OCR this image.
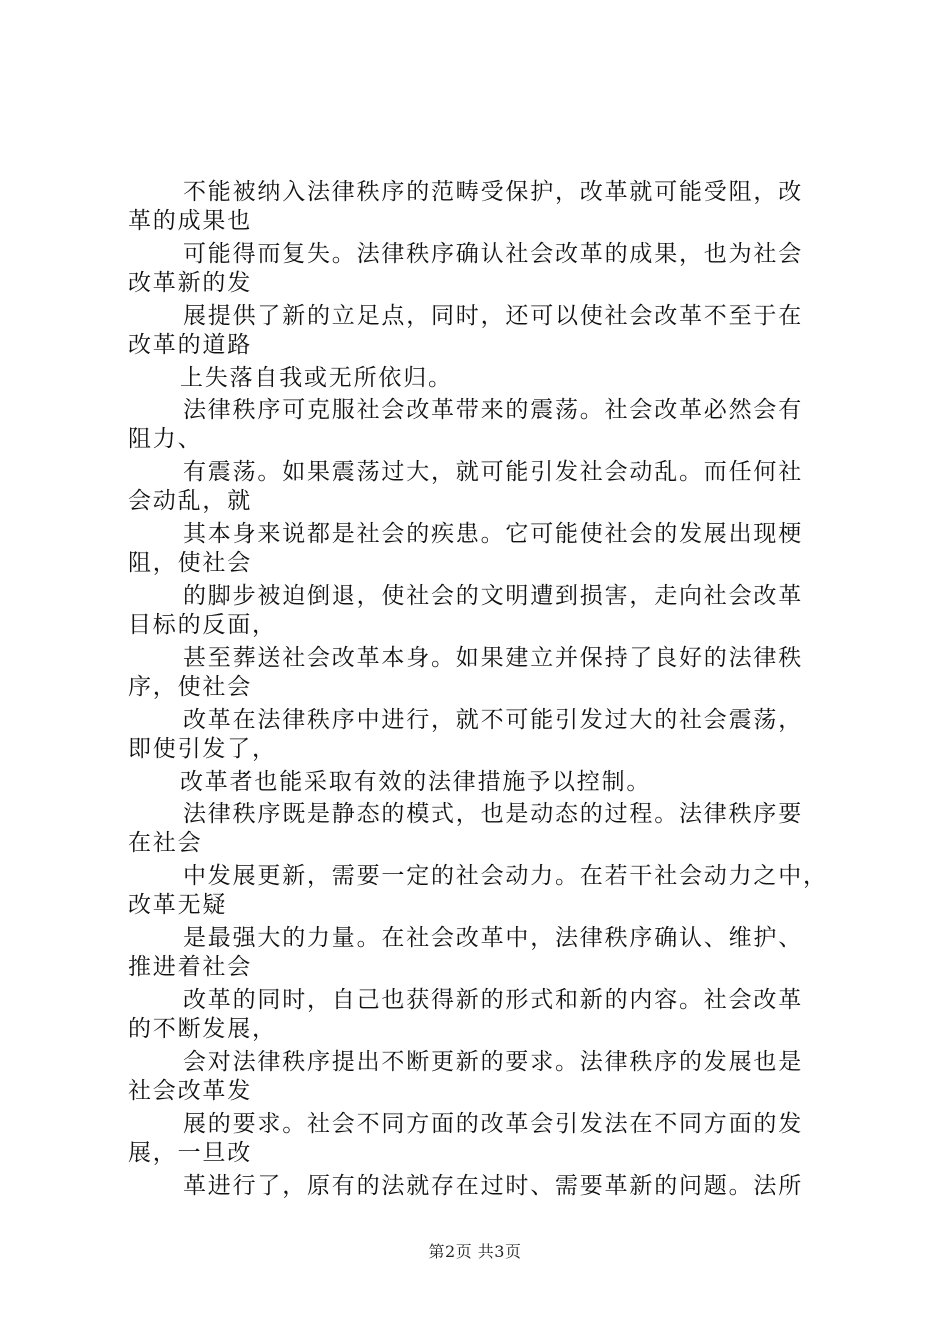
不能被纳入法律秩序的范畴受保护，改革就可能受阻，改
革的成果也
可能得而复失。法律秩序确认社会改革的成果，也为社会
改革新的发
展提供了新的立足点，同时，还可以使社会改革不至于在
改革的道路
上失落自我或无所依归。
法律秩序可克服社会改革带来的震荡。社会改革必然会有
阻力、
有震荡。如果震荡过大，就可能引发社会动乱。而任何社
会动乱，就
其本身来说都是社会的疾患。它可能使社会的发展出现梗
阻，使社会
的脚步被迫倒退，使社会的文明遭到损害，走向社会改革
目标的反面，
甚至葬送社会改革本身。如果建立并保持了良好的法律秩
序，使社会
改革在法律秩序中进行，就不可能引发过大的社会震荡，
即使引发了，
改革者也能采取有效的法律措施予以控制。
法律秩序既是静态的模式，也是动态的过程。法律秩序要
在社会
中发展更新，需要一定的社会动力。在若干社会动力之中，
改革无疑
是最强大的力量。在社会改革中，法律秩序确认、维护、
推进着社会
改革的同时，自己也获得新的形式和新的内容。社会改革
的不断发展，
会对法律秩序提出不断更新的要求。法律秩序的发展也是
社会改革发
展的要求。社会不同方面的改革会引发法在不同方面的发
展，一旦改
革进行了，原有的法就存在过时、需要革新的问题。法所
第2页 共3页
